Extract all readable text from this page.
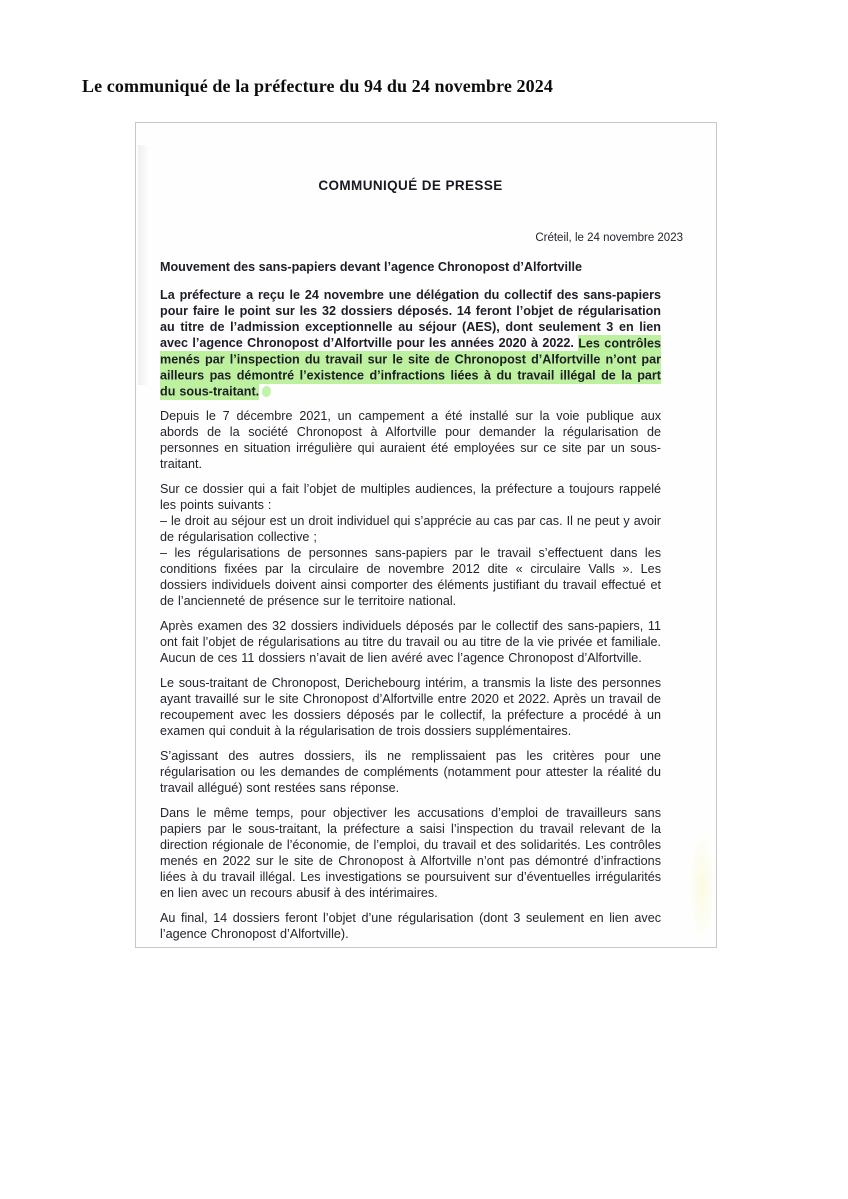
Le communiqué de la préfecture du 94 du 24 novembre 2024
COMMUNIQUÉ DE PRESSE
Créteil, le 24 novembre 2023
Mouvement des sans-papiers devant l’agence Chronopost d’Alfortville

La préfecture a reçu le 24 novembre une délégation du collectif des sans-papiers pour faire le point sur les 32 dossiers déposés. 14 feront l’objet de régularisation au titre de l’admission exceptionnelle au séjour (AES), dont seulement 3 en lien avec l’agence Chronopost d’Alfortville pour les années 2020 à 2022. Les contrôles menés par l’inspection du travail sur le site de Chronopost d’Alfortville n’ont par ailleurs pas démontré l’existence d’infractions liées à du travail illégal de la part du sous-traitant.

Depuis le 7 décembre 2021, un campement a été installé sur la voie publique aux abords de la société Chronopost à Alfortville pour demander la régularisation de personnes en situation irrégulière qui auraient été employées sur ce site par un sous-traitant.

Sur ce dossier qui a fait l’objet de multiples audiences, la préfecture a toujours rappelé les points suivants :
– le droit au séjour est un droit individuel qui s’apprécie au cas par cas. Il ne peut y avoir de régularisation collective ;
– les régularisations de personnes sans-papiers par le travail s’effectuent dans les conditions fixées par la circulaire de novembre 2012 dite « circulaire Valls ». Les dossiers individuels doivent ainsi comporter des éléments justifiant du travail effectué et de l’ancienneté de présence sur le territoire national.

Après examen des 32 dossiers individuels déposés par le collectif des sans-papiers, 11 ont fait l’objet de régularisations au titre du travail ou au titre de la vie privée et familiale. Aucun de ces 11 dossiers n’avait de lien avéré avec l’agence Chronopost d’Alfortville.

Le sous-traitant de Chronopost, Derichebourg intérim, a transmis la liste des personnes ayant travaillé sur le site Chronopost d’Alfortville entre 2020 et 2022. Après un travail de recoupement avec les dossiers déposés par le collectif, la préfecture a procédé à un examen qui conduit à la régularisation de trois dossiers supplémentaires.

S’agissant des autres dossiers, ils ne remplissaient pas les critères pour une régularisation ou les demandes de compléments (notamment pour attester la réalité du travail allégué) sont restées sans réponse.

Dans le même temps, pour objectiver les accusations d’emploi de travailleurs sans papiers par le sous-traitant, la préfecture a saisi l’inspection du travail relevant de la direction régionale de l’économie, de l’emploi, du travail et des solidarités. Les contrôles menés en 2022 sur le site de Chronopost à Alfortville n’ont pas démontré d’infractions liées à du travail illégal. Les investigations se poursuivent sur d’éventuelles irrégularités en lien avec un recours abusif à des intérimaires.

Au final, 14 dossiers feront l’objet d’une régularisation (dont 3 seulement en lien avec l’agence Chronopost d’Alfortville).
